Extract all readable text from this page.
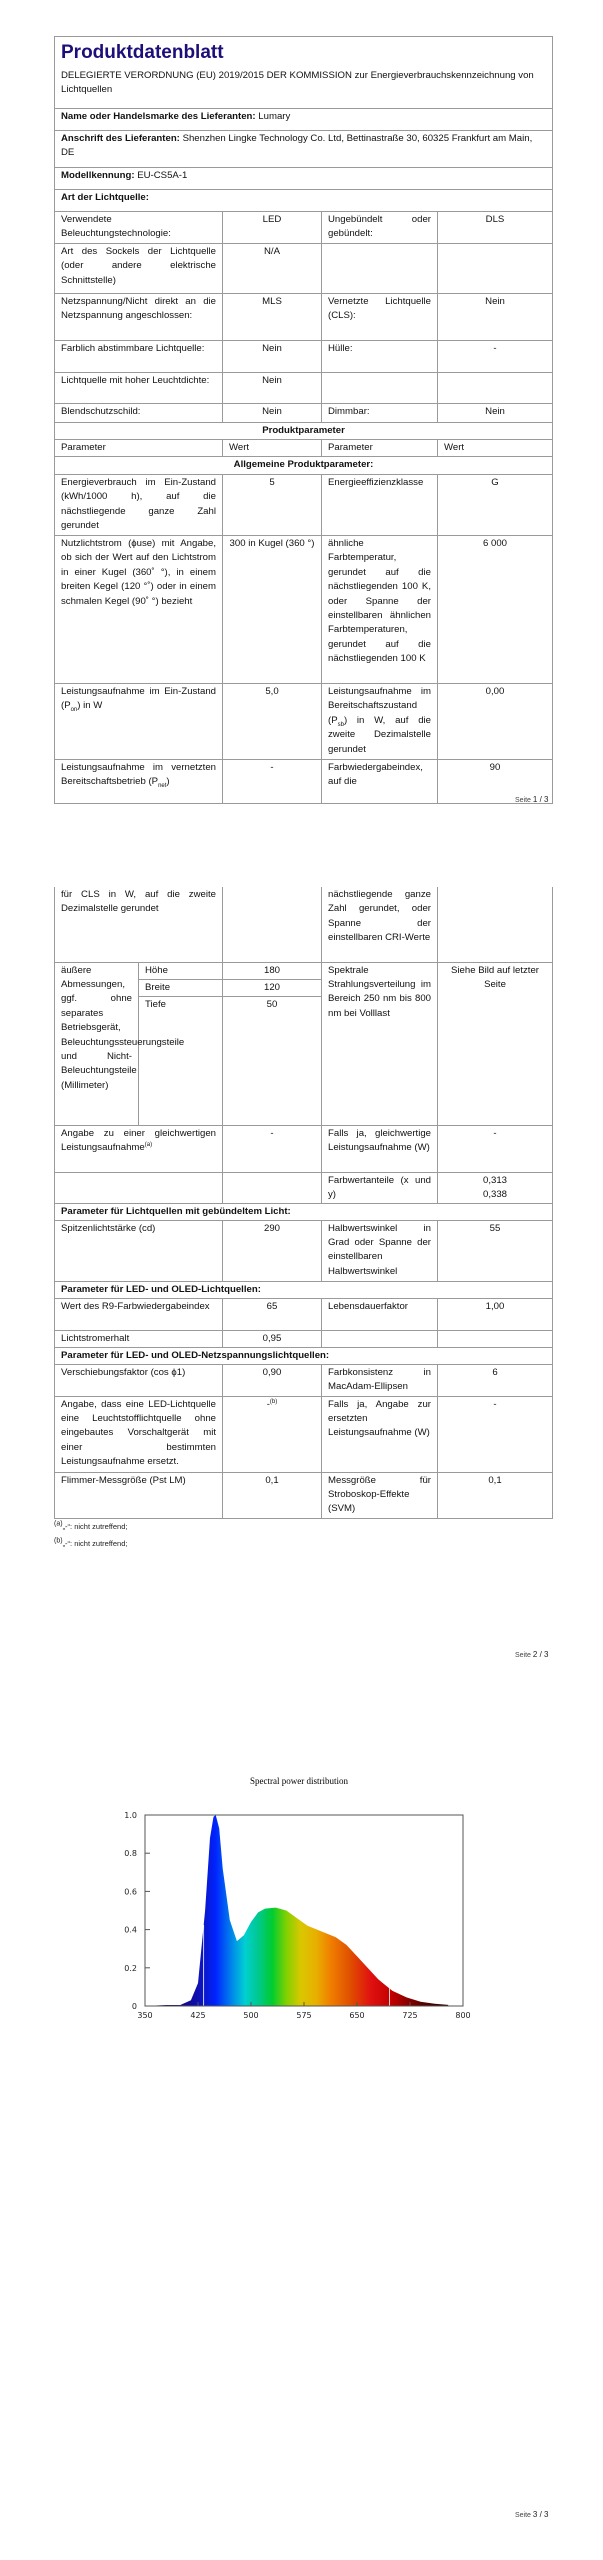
Produktdatenblatt
DELEGIERTE VERORDNUNG (EU) 2019/2015 DER KOMMISSION zur Energieverbrauchskennzeichnung von Lichtquellen			

Name oder Handelsmarke des Lieferanten: Lumary			
Anschrift des Lieferanten: Shenzhen Lingke Technology Co. Ltd, Bettinastraße 30, 60325 Frankfurt am Main, DE			
Modellkennung: EU-CS5A-1			
Art der Lichtquelle:			
Verwendete Beleuchtungstechnologie:	LED	Ungebündelt oder gebündelt:	DLS
Art des Sockels der Lichtquelle (oder andere elektrische Schnittstelle)	N/A		
Netzspannung/Nicht direkt an die Netzspannung angeschlossen:	MLS	Vernetzte Lichtquelle (CLS):	Nein
Farblich abstimmbare Lichtquelle:	Nein	Hülle:	-
Lichtquelle mit hoher Leuchtdichte:	Nein		
Blendschutzschild:	Nein	Dimmbar:	Nein
Produktparameter			
Parameter	Wert	Parameter	Wert
Allgemeine Produktparameter:			
Energieverbrauch im Ein-Zustand (kWh/1000 h), auf die nächstliegende ganze Zahl gerundet	5	Energieeffizienzklasse	G
Nutzlichtstrom (ϕuse) mit Angabe, ob sich der Wert auf den Lichtstrom in einer Kugel (360˚ °), in einem breiten Kegel (120 °˚) oder in einem schmalen Kegel (90˚ °) bezieht	300 in Kugel (360 °)	ähnliche Farbtemperatur, gerundet auf die nächstliegenden 100 K, oder Spanne der einstellbaren ähnlichen Farbtemperaturen, gerundet auf die nächstliegenden 100 K	6 000
Leistungsaufnahme im Ein-Zustand $(P_{on})$ in W	5,0	Leistungsaufnahme im Bereitschaftszustand $(P_{sb})$ in W, auf die zweite Dezimalstelle gerundet	0,00
Leistungsaufnahme im vernetzten Bereitschaftsbetrieb $(P_{net})$	-	Farbwiedergabeindex, auf die	90
Seite 1 / 3
für CLS in W, auf die zweite Dezimalstelle gerundet			nächstliegende ganze Zahl gerundet, oder Spanne der einstellbaren CRI-Werte	
äußere Abmessungen, ggf. ohne separates Betriebsgerät, Beleuchtungssteuerungsteile und Nicht-Beleuchtungsteile (Millimeter)	Höhe	180	Spektrale Strahlungsverteilung im Bereich 250 nm bis 800 nm bei Volllast	Siehe Bild auf letzter Seite
	Breite	120		
	Tiefe	50		
Angabe zu einer gleichwertigen Leistungsaufnahme$^{(a)}$		-	Falls ja, gleichwertige Leistungsaufnahme (W)	-
			Farbwertanteile (x und y)	0,313
0,338
Parameter für Lichtquellen mit gebündeltem Licht:				
Spitzenlichtstärke (cd)		290	Halbwertswinkel in Grad oder Spanne der einstellbaren Halbwertswinkel	55
Parameter für LED- und OLED-Lichtquellen:				
Wert des R9-Farbwiedergabeindex		65	Lebensdauerfaktor	1,00
Lichtstromerhalt		0,95		
Parameter für LED- und OLED-Netzspannungslichtquellen:				
Verschiebungsfaktor (cos ϕ1)		0,90	Farbkonsistenz in MacAdam-Ellipsen	6
Angabe, dass eine LED-Lichtquelle eine Leuchtstofflichtquelle ohne eingebautes Vorschaltgerät mit einer bestimmten Leistungsaufnahme ersetzt.		-$^{(b)}$	Falls ja, Angabe zur ersetzten Leistungsaufnahme (W)	-
Flimmer-Messgröße (Pst LM)		0,1	Messgröße für Stroboskop-Effekte (SVM)	0,1
$^{(a)}$„-“: nicht zutreffend;
$^{(b)}$„-“: nicht zutreffend;
Seite 2 / 3
Spectral power distribution
350	425	500	575	650	725	800
0
0.2
0.4
0.6
0.8
1.0
Seite 3 / 3
